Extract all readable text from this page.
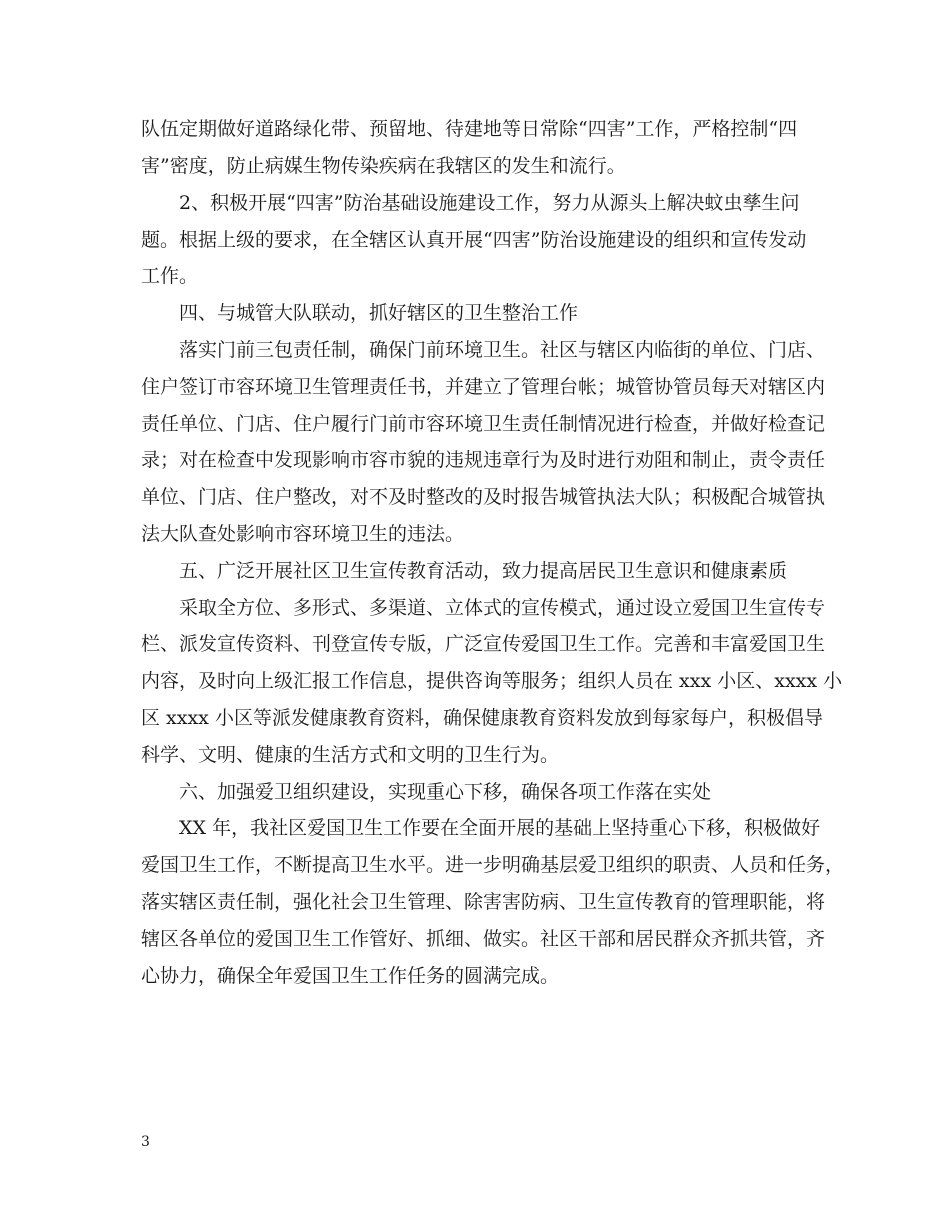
队伍定期做好道路绿化带、预留地、待建地等日常除“四害”工作，严格控制“四
害”密度，防止病媒生物传染疾病在我辖区的发生和流行。
　　2、积极开展“四害”防治基础设施建设工作，努力从源头上解决蚊虫孳生问
题。根据上级的要求，在全辖区认真开展“四害”防治设施建设的组织和宣传发动
工作。
　　四、与城管大队联动，抓好辖区的卫生整治工作
　　落实门前三包责任制，确保门前环境卫生。社区与辖区内临街的单位、门店、
住户签订市容环境卫生管理责任书，并建立了管理台帐；城管协管员每天对辖区内
责任单位、门店、住户履行门前市容环境卫生责任制情况进行检查，并做好检查记
录；对在检查中发现影响市容市貌的违规违章行为及时进行劝阻和制止，责令责任
单位、门店、住户整改，对不及时整改的及时报告城管执法大队；积极配合城管执
法大队查处影响市容环境卫生的违法。
　　五、广泛开展社区卫生宣传教育活动，致力提高居民卫生意识和健康素质
　　采取全方位、多形式、多渠道、立体式的宣传模式，通过设立爱国卫生宣传专
栏、派发宣传资料、刊登宣传专版，广泛宣传爱国卫生工作。完善和丰富爱国卫生
内容，及时向上级汇报工作信息，提供咨询等服务；组织人员在 xxx 小区、xxxx 小
区 xxxx 小区等派发健康教育资料，确保健康教育资料发放到每家每户，积极倡导
科学、文明、健康的生活方式和文明的卫生行为。
　　六、加强爱卫组织建设，实现重心下移，确保各项工作落在实处
　　XX 年，我社区爱国卫生工作要在全面开展的基础上坚持重心下移，积极做好
爱国卫生工作，不断提高卫生水平。进一步明确基层爱卫组织的职责、人员和任务，
落实辖区责任制，强化社会卫生管理、除害害防病、卫生宣传教育的管理职能，将
辖区各单位的爱国卫生工作管好、抓细、做实。社区干部和居民群众齐抓共管，齐
心协力，确保全年爱国卫生工作任务的圆满完成。
3
